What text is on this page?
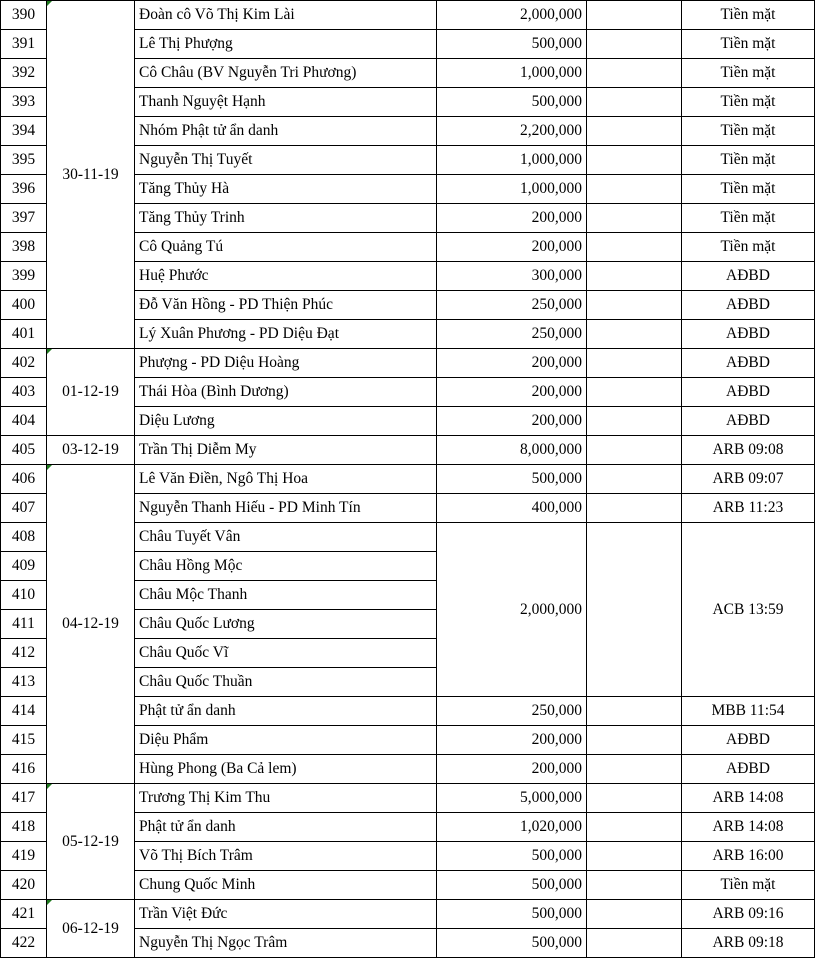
390	30-11-19	Đoàn cô Võ Thị Kim Lài	2,000,000		Tiền mặt
391		Lê Thị Phượng	500,000		Tiền mặt
392		Cô Châu (BV Nguyễn Tri Phương)	1,000,000		Tiền mặt
393		Thanh Nguyệt Hạnh	500,000		Tiền mặt
394		Nhóm Phật tử ẩn danh	2,200,000		Tiền mặt
395		Nguyễn Thị Tuyết	1,000,000		Tiền mặt
396		Tăng Thủy Hà	1,000,000		Tiền mặt
397		Tăng Thủy Trinh	200,000		Tiền mặt
398		Cô Quảng Tú	200,000		Tiền mặt
399		Huệ Phước	300,000		AĐBD
400		Đỗ Văn Hồng - PD Thiện Phúc	250,000		AĐBD
401		Lý Xuân Phương - PD Diệu Đạt	250,000		AĐBD
402	01-12-19	Phượng - PD Diệu Hoàng	200,000		AĐBD
403		Thái Hòa (Bình Dương)	200,000		AĐBD
404		Diệu Lương	200,000		AĐBD
405	03-12-19	Trần Thị Diễm My	8,000,000		ARB 09:08
406	04-12-19	Lê Văn Điền, Ngô Thị Hoa	500,000		ARB 09:07
407		Nguyễn Thanh Hiếu - PD Minh Tín	400,000		ARB 11:23
408		Châu Tuyết Vân	2,000,000		ACB 13:59
409		Châu Hồng Mộc			
410		Châu Mộc Thanh			
411		Châu Quốc Lương			
412		Châu Quốc Vĩ			
413		Châu Quốc Thuần			
414		Phật tử ẩn danh	250,000		MBB 11:54
415		Diệu Phẩm	200,000		AĐBD
416		Hùng Phong (Ba Cả lem)	200,000		AĐBD
417	05-12-19	Trương Thị Kim Thu	5,000,000		ARB 14:08
418		Phật tử ẩn danh	1,020,000		ARB 14:08
419		Võ Thị Bích Trâm	500,000		ARB 16:00
420		Chung Quốc Minh	500,000		Tiền mặt
421	06-12-19	Trần Việt Đức	500,000		ARB 09:16
422		Nguyễn Thị Ngọc Trâm	500,000		ARB 09:18
